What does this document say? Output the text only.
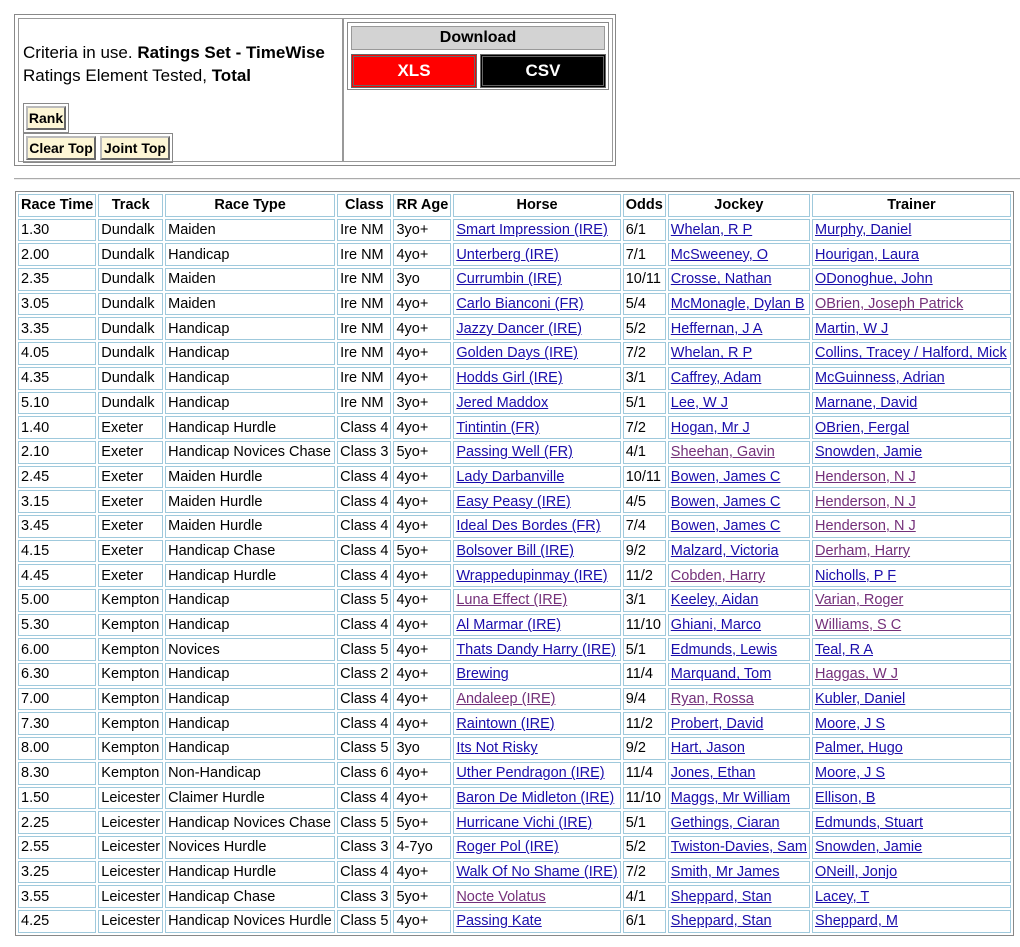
Criteria in use. Ratings Set - TimeWise
Ratings Element Tested, Total
Rank
Clear Top Joint Top
Download
XLS	CSV
Race Time	Track	Race Type	Class	RR Age	Horse	Odds	Jockey	Trainer
1.30	Dundalk	Maiden	Ire NM	3yo+	Smart Impression (IRE)	6/1	Whelan, R P	Murphy, Daniel
2.00	Dundalk	Handicap	Ire NM	4yo+	Unterberg (IRE)	7/1	McSweeney, O	Hourigan, Laura
2.35	Dundalk	Maiden	Ire NM	3yo	Currumbin (IRE)	10/11	Crosse, Nathan	ODonoghue, John
3.05	Dundalk	Maiden	Ire NM	4yo+	Carlo Bianconi (FR)	5/4	McMonagle, Dylan B	OBrien, Joseph Patrick
3.35	Dundalk	Handicap	Ire NM	4yo+	Jazzy Dancer (IRE)	5/2	Heffernan, J A	Martin, W J
4.05	Dundalk	Handicap	Ire NM	4yo+	Golden Days (IRE)	7/2	Whelan, R P	Collins, Tracey / Halford, Mick
4.35	Dundalk	Handicap	Ire NM	4yo+	Hodds Girl (IRE)	3/1	Caffrey, Adam	McGuinness, Adrian
5.10	Dundalk	Handicap	Ire NM	3yo+	Jered Maddox	5/1	Lee, W J	Marnane, David
1.40	Exeter	Handicap Hurdle	Class 4	4yo+	Tintintin (FR)	7/2	Hogan, Mr J	OBrien, Fergal
2.10	Exeter	Handicap Novices Chase	Class 3	5yo+	Passing Well (FR)	4/1	Sheehan, Gavin	Snowden, Jamie
2.45	Exeter	Maiden Hurdle	Class 4	4yo+	Lady Darbanville	10/11	Bowen, James C	Henderson, N J
3.15	Exeter	Maiden Hurdle	Class 4	4yo+	Easy Peasy (IRE)	4/5	Bowen, James C	Henderson, N J
3.45	Exeter	Maiden Hurdle	Class 4	4yo+	Ideal Des Bordes (FR)	7/4	Bowen, James C	Henderson, N J
4.15	Exeter	Handicap Chase	Class 4	5yo+	Bolsover Bill (IRE)	9/2	Malzard, Victoria	Derham, Harry
4.45	Exeter	Handicap Hurdle	Class 4	4yo+	Wrappedupinmay (IRE)	11/2	Cobden, Harry	Nicholls, P F
5.00	Kempton	Handicap	Class 5	4yo+	Luna Effect (IRE)	3/1	Keeley, Aidan	Varian, Roger
5.30	Kempton	Handicap	Class 4	4yo+	Al Marmar (IRE)	11/10	Ghiani, Marco	Williams, S C
6.00	Kempton	Novices	Class 5	4yo+	Thats Dandy Harry (IRE)	5/1	Edmunds, Lewis	Teal, R A
6.30	Kempton	Handicap	Class 2	4yo+	Brewing	11/4	Marquand, Tom	Haggas, W J
7.00	Kempton	Handicap	Class 4	4yo+	Andaleep (IRE)	9/4	Ryan, Rossa	Kubler, Daniel
7.30	Kempton	Handicap	Class 4	4yo+	Raintown (IRE)	11/2	Probert, David	Moore, J S
8.00	Kempton	Handicap	Class 5	3yo	Its Not Risky	9/2	Hart, Jason	Palmer, Hugo
8.30	Kempton	Non-Handicap	Class 6	4yo+	Uther Pendragon (IRE)	11/4	Jones, Ethan	Moore, J S
1.50	Leicester	Claimer Hurdle	Class 4	4yo+	Baron De Midleton (IRE)	11/10	Maggs, Mr William	Ellison, B
2.25	Leicester	Handicap Novices Chase	Class 5	5yo+	Hurricane Vichi (IRE)	5/1	Gethings, Ciaran	Edmunds, Stuart
2.55	Leicester	Novices Hurdle	Class 3	4-7yo	Roger Pol (IRE)	5/2	Twiston-Davies, Sam	Snowden, Jamie
3.25	Leicester	Handicap Hurdle	Class 4	4yo+	Walk Of No Shame (IRE)	7/2	Smith, Mr James	ONeill, Jonjo
3.55	Leicester	Handicap Chase	Class 3	5yo+	Nocte Volatus	4/1	Sheppard, Stan	Lacey, T
4.25	Leicester	Handicap Novices Hurdle	Class 5	4yo+	Passing Kate	6/1	Sheppard, Stan	Sheppard, M
